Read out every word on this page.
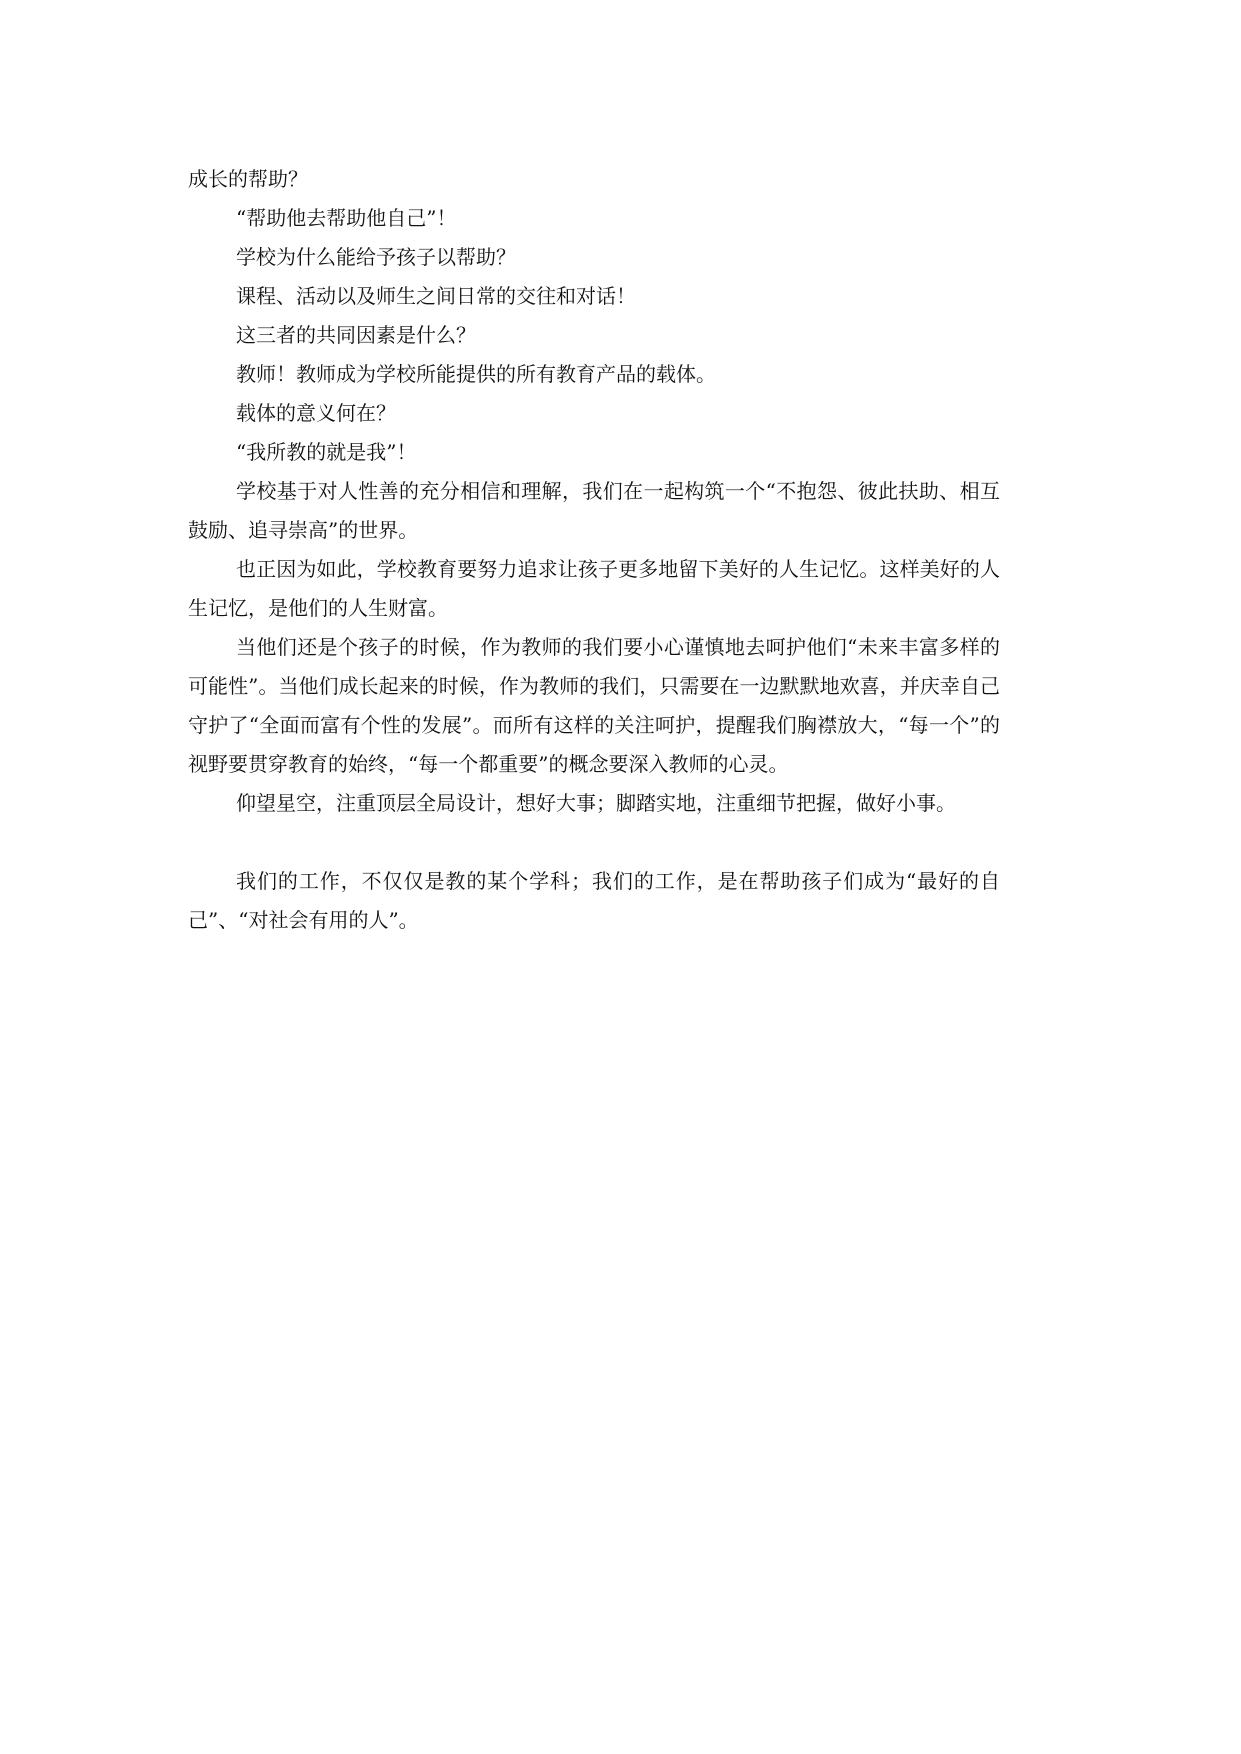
成长的帮助？

“帮助他去帮助他自己”！

学校为什么能给予孩子以帮助？

课程、活动以及师生之间日常的交往和对话！

这三者的共同因素是什么？

教师！教师成为学校所能提供的所有教育产品的载体。

载体的意义何在？

“我所教的就是我”！

学校基于对人性善的充分相信和理解，我们在一起构筑一个“不抱怨、彼此扶助、相互鼓励、追寻崇高”的世界。

也正因为如此，学校教育要努力追求让孩子更多地留下美好的人生记忆。这样美好的人生记忆，是他们的人生财富。

当他们还是个孩子的时候，作为教师的我们要小心谨慎地去呵护他们“未来丰富多样的可能性”。当他们成长起来的时候，作为教师的我们，只需要在一边默默地欢喜，并庆幸自己守护了“全面而富有个性的发展”。而所有这样的关注呵护，提醒我们胸襟放大，“每一个”的视野要贯穿教育的始终，“每一个都重要”的概念要深入教师的心灵。

仰望星空，注重顶层全局设计，想好大事；脚踏实地，注重细节把握，做好小事。

我们的工作，不仅仅是教的某个学科；我们的工作，是在帮助孩子们成为“最好的自己”、“对社会有用的人”。
